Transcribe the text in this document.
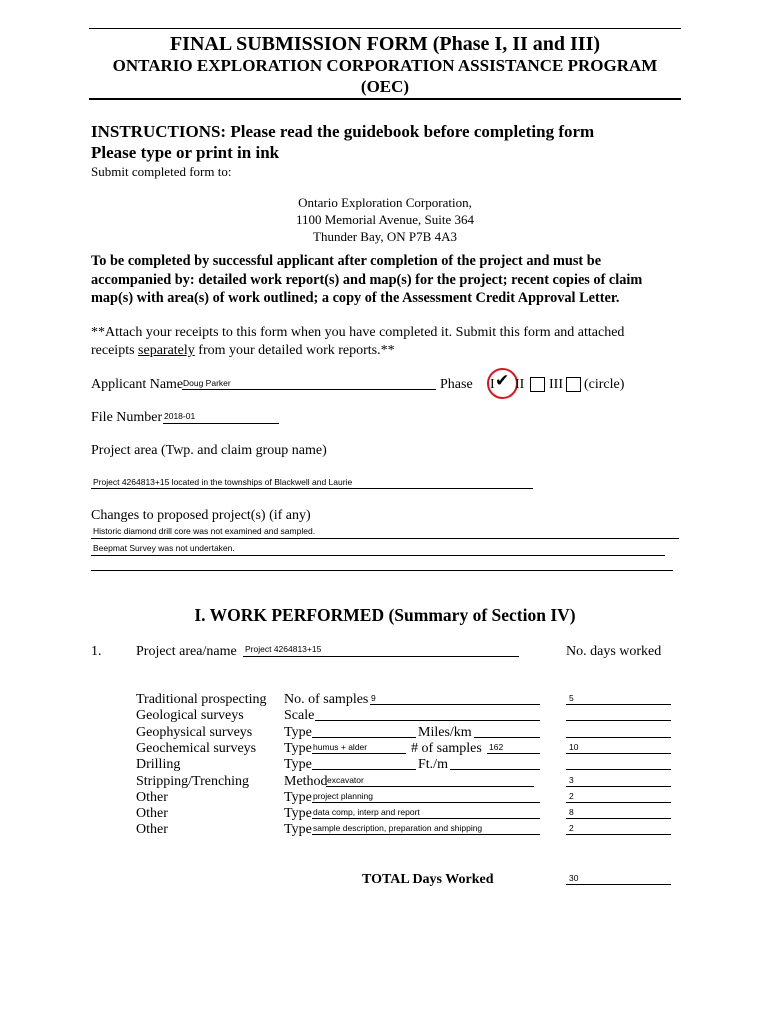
FINAL SUBMISSION FORM (Phase I, II and III)
ONTARIO EXPLORATION CORPORATION ASSISTANCE PROGRAM
(OEC)
INSTRUCTIONS: Please read the guidebook before completing form
Please type or print in ink
Submit completed form to:
Ontario Exploration Corporation,
1100 Memorial Avenue, Suite 364
Thunder Bay, ON P7B 4A3
To be completed by successful applicant after completion of the project and must be
accompanied by: detailed work report(s) and map(s) for the project; recent copies of claim
map(s) with area(s) of work outlined; a copy of the Assessment Credit Approval Letter.
**Attach your receipts to this form when you have completed it. Submit this form and attached
receipts separately from your detailed work reports.**
Applicant Name Doug Parker	Phase I ✔ II III (circle)
File Number 2018-01
Project area (Twp. and claim group name)
Project 4264813+15 located in the townships of Blackwell and Laurie
Changes to proposed project(s) (if any)
Historic diamond drill core was not examined and sampled.
Beepmat Survey was not undertaken.
I. WORK PERFORMED (Summary of Section IV)
1. Project area/name Project 4264813+15	No. days worked
Traditional prospecting No. of samples 9	5
Geological surveys	Scale
Geophysical surveys Type	Miles/km
Geochemical surveys Type humus + alder	# of samples 162	10
Drilling	Type	Ft./m
Stripping/Trenching Method excavator	3
Other	Type project planning	2
Other	Type data comp, interp and report	8
Other	Type sample description, preparation and shipping	2
TOTAL Days Worked	30
